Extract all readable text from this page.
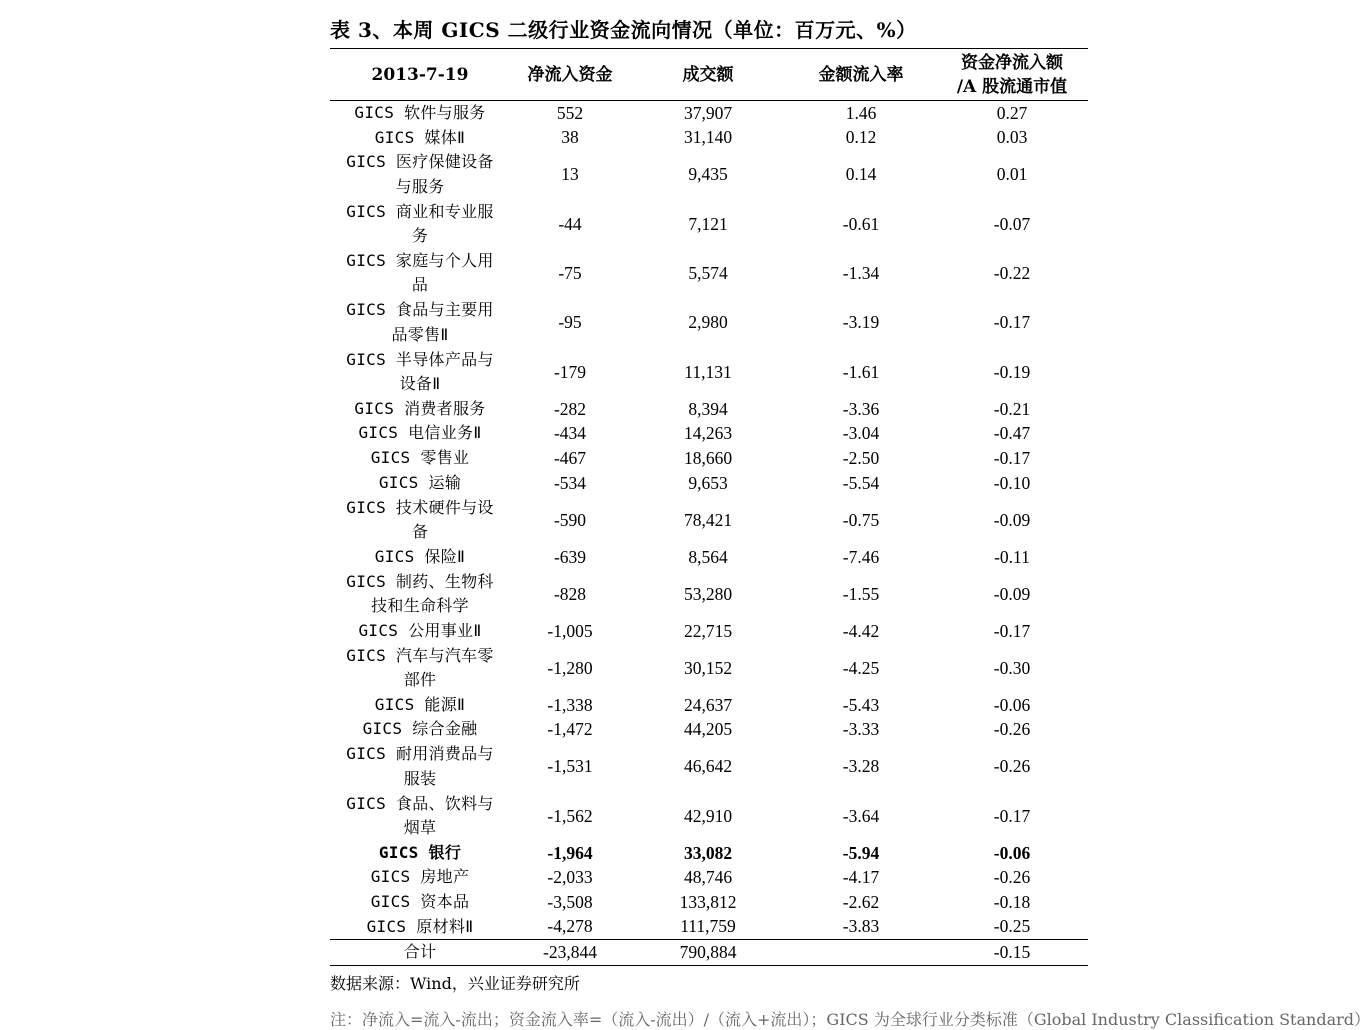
表 3、本周 GICS 二级行业资金流向情况（单位：百万元、%）
2013-7-19	净流入资金	成交额	金额流入率	资金净流入额
/A 股流通市值

GICS 软件与服务	552	37,907	1.46	0.27

GICS 媒体Ⅱ	38	31,140	0.12	0.03

GICS 医疗保健设备
与服务	13	9,435	0.14	0.01

GICS 商业和专业服
务	-44	7,121	-0.61	-0.07

GICS 家庭与个人用
品	-75	5,574	-1.34	-0.22

GICS 食品与主要用
品零售Ⅱ	-95	2,980	-3.19	-0.17

GICS 半导体产品与
设备Ⅱ	-179	11,131	-1.61	-0.19

GICS 消费者服务	-282	8,394	-3.36	-0.21

GICS 电信业务Ⅱ	-434	14,263	-3.04	-0.47

GICS 零售业	-467	18,660	-2.50	-0.17

GICS 运输	-534	9,653	-5.54	-0.10

GICS 技术硬件与设
备	-590	78,421	-0.75	-0.09

GICS 保险Ⅱ	-639	8,564	-7.46	-0.11

GICS 制药、生物科
技和生命科学	-828	53,280	-1.55	-0.09

GICS 公用事业Ⅱ	-1,005	22,715	-4.42	-0.17

GICS 汽车与汽车零
部件	-1,280	30,152	-4.25	-0.30

GICS 能源Ⅱ	-1,338	24,637	-5.43	-0.06

GICS 综合金融	-1,472	44,205	-3.33	-0.26

GICS 耐用消费品与
服装	-1,531	46,642	-3.28	-0.26

GICS 食品、饮料与
烟草	-1,562	42,910	-3.64	-0.17

GICS 银行	-1,964	33,082	-5.94	-0.06

GICS 房地产	-2,033	48,746	-4.17	-0.26

GICS 资本品	-3,508	133,812	-2.62	-0.18

GICS 原材料Ⅱ	-4,278	111,759	-3.83	-0.25
合计	-23,844	790,884		-0.15
数据来源：Wind，兴业证券研究所
注：净流入=流入-流出；资金流入率=（流入-流出）/（流入+流出）；GICS 为全球行业分类标准（Global Industry Classification Standard）
